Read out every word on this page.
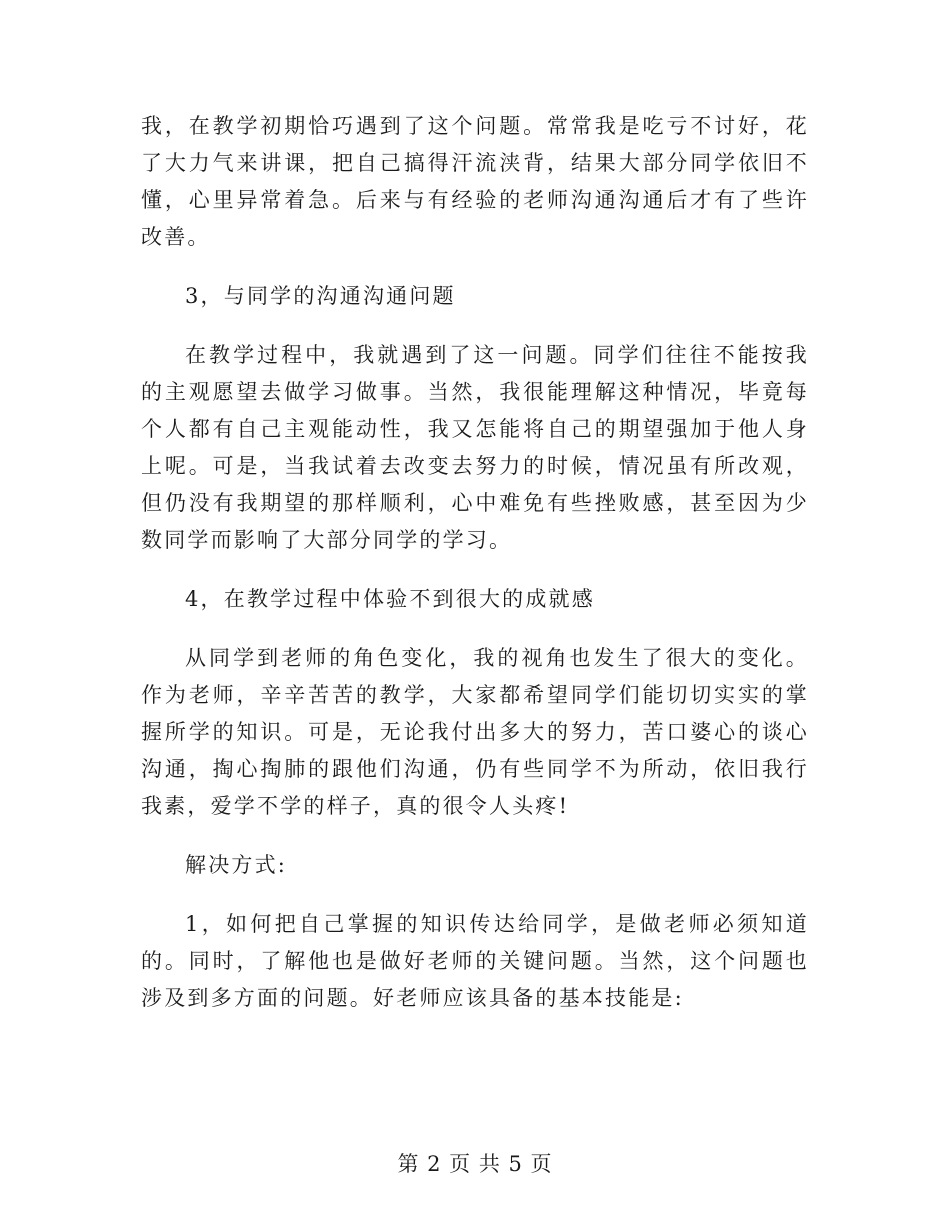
我，在教学初期恰巧遇到了这个问题。常常我是吃亏不讨好，花了大力气来讲课，把自己搞得汗流浃背，结果大部分同学依旧不懂，心里异常着急。后来与有经验的老师沟通沟通后才有了些许改善。

3，与同学的沟通沟通问题

在教学过程中，我就遇到了这一问题。同学们往往不能按我的主观愿望去做学习做事。当然，我很能理解这种情况，毕竟每个人都有自己主观能动性，我又怎能将自己的期望强加于他人身上呢。可是，当我试着去改变去努力的时候，情况虽有所改观，但仍没有我期望的那样顺利，心中难免有些挫败感，甚至因为少数同学而影响了大部分同学的学习。

4，在教学过程中体验不到很大的成就感

从同学到老师的角色变化，我的视角也发生了很大的变化。作为老师，辛辛苦苦的教学，大家都希望同学们能切切实实的掌握所学的知识。可是，无论我付出多大的努力，苦口婆心的谈心沟通，掏心掏肺的跟他们沟通，仍有些同学不为所动，依旧我行我素，爱学不学的样子，真的很令人头疼!

解决方式:

1，如何把自己掌握的知识传达给同学，是做老师必须知道的。同时，了解他也是做好老师的关键问题。当然，这个问题也涉及到多方面的问题。好老师应该具备的基本技能是:

第 2 页 共 5 页
